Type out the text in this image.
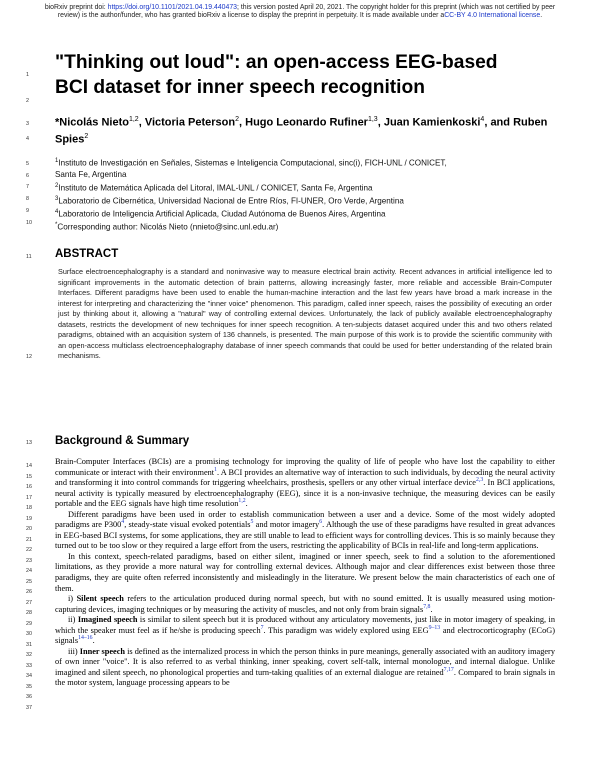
bioRxiv preprint doi: https://doi.org/10.1101/2021.04.19.440473; this version posted April 20, 2021. The copyright holder for this preprint (which was not certified by peer review) is the author/funder, who has granted bioRxiv a license to display the preprint in perpetuity. It is made available under aCC-BY 4.0 International license.
1
2
3
4
5
6
7
8
9
10
11
12
13
14
15
16
17
18
19
20
21
22
23
24
25
26
27
28
29
30
31
32
33
34
35
36
37
"Thinking out loud": an open-access EEG-based
BCI dataset for inner speech recognition
*Nicolás Nieto$^{1,2}$, Victoria Peterson$^2$, Hugo Leonardo Rufiner$^{1,3}$, Juan Kamienkoski$^4$, and Ruben Spies$^2$
$^1$Instituto de Investigación en Señales, Sistemas e Inteligencia Computacional, sinc(i), FICH-UNL / CONICET,
Santa Fe, Argentina
$^2$Instituto de Matemática Aplicada del Litoral, IMAL-UNL / CONICET, Santa Fe, Argentina
$^3$Laboratorio de Cibernética, Universidad Nacional de Entre Ríos, FI-UNER, Oro Verde, Argentina
$^4$Laboratorio de Inteligencia Artificial Aplicada, Ciudad Autónoma de Buenos Aires, Argentina
*Corresponding author: Nicolás Nieto (nnieto@sinc.unl.edu.ar)
ABSTRACT

Surface electroencephalography is a standard and noninvasive way to measure electrical brain activity. Recent advances in artificial intelligence led to significant improvements in the automatic detection of brain patterns, allowing increasingly faster, more reliable and accessible Brain-Computer Interfaces. Different paradigms have been used to enable the human-machine interaction and the last few years have broad a mark increase in the interest for interpreting and characterizing the "inner voice" phenomenon. This paradigm, called inner speech, raises the possibility of executing an order just by thinking about it, allowing a "natural" way of controlling external devices. Unfortunately, the lack of publicly available electroencephalography datasets, restricts the development of new techniques for inner speech recognition. A ten-subjects dataset acquired under this and two others related paradigms, obtained with an acquisition system of 136 channels, is presented. The main purpose of this work is to provide the scientific community with an open-access multiclass electroencephalography database of inner speech commands that could be used for better understanding of the related brain mechanisms.

Background & Summary

Brain-Computer Interfaces (BCIs) are a promising technology for improving the quality of life of people who have lost the capability to either communicate or interact with their environment$^1$. A BCI provides an alternative way of interaction to such individuals, by decoding the neural activity and transforming it into control commands for triggering wheelchairs, prosthesis, spellers or any other virtual interface device$^{2,3}$. In BCI applications, neural activity is typically measured by electroencephalography (EEG), since it is a non-invasive technique, the measuring devices can be easily portable and the EEG signals have high time resolution$^{1,2}$.

Different paradigms have been used in order to establish communication between a user and a device. Some of the most widely adopted paradigms are P300$^4$, steady-state visual evoked potentials$^5$ and motor imagery$^6$. Although the use of these paradigms have resulted in great advances in EEG-based BCI systems, for some applications, they are still unable to lead to efficient ways for controlling devices. This is so mainly because they turned out to be too slow or they required a large effort from the users, restricting the applicability of BCIs in real-life and long-term applications.

In this context, speech-related paradigms, based on either silent, imagined or inner speech, seek to find a solution to the aforementioned limitations, as they provide a more natural way for controlling external devices. Although major and clear differences exist between those three paradigms, they are quite often referred inconsistently and misleadingly in the literature. We present below the main characteristics of each one of them.

i) Silent speech refers to the articulation produced during normal speech, but with no sound emitted. It is usually measured using motion-capturing devices, imaging techniques or by measuring the activity of muscles, and not only from brain signals$^{7,8}$.

ii) Imagined speech is similar to silent speech but it is produced without any articulatory movements, just like in motor imagery of speaking, in which the speaker must feel as if he/she is producing speech$^7$. This paradigm was widely explored using EEG$^{9-13}$ and electrocorticography (ECoG) signals$^{14-16}$.

iii) Inner speech is defined as the internalized process in which the person thinks in pure meanings, generally associated with an auditory imagery of own inner "voice". It is also referred to as verbal thinking, inner speaking, covert self-talk, internal monologue, and internal dialogue. Unlike imagined and silent speech, no phonological properties and turn-taking qualities of an external dialogue are retained$^{7,17}$. Compared to brain signals in the motor system, language processing appears to be
